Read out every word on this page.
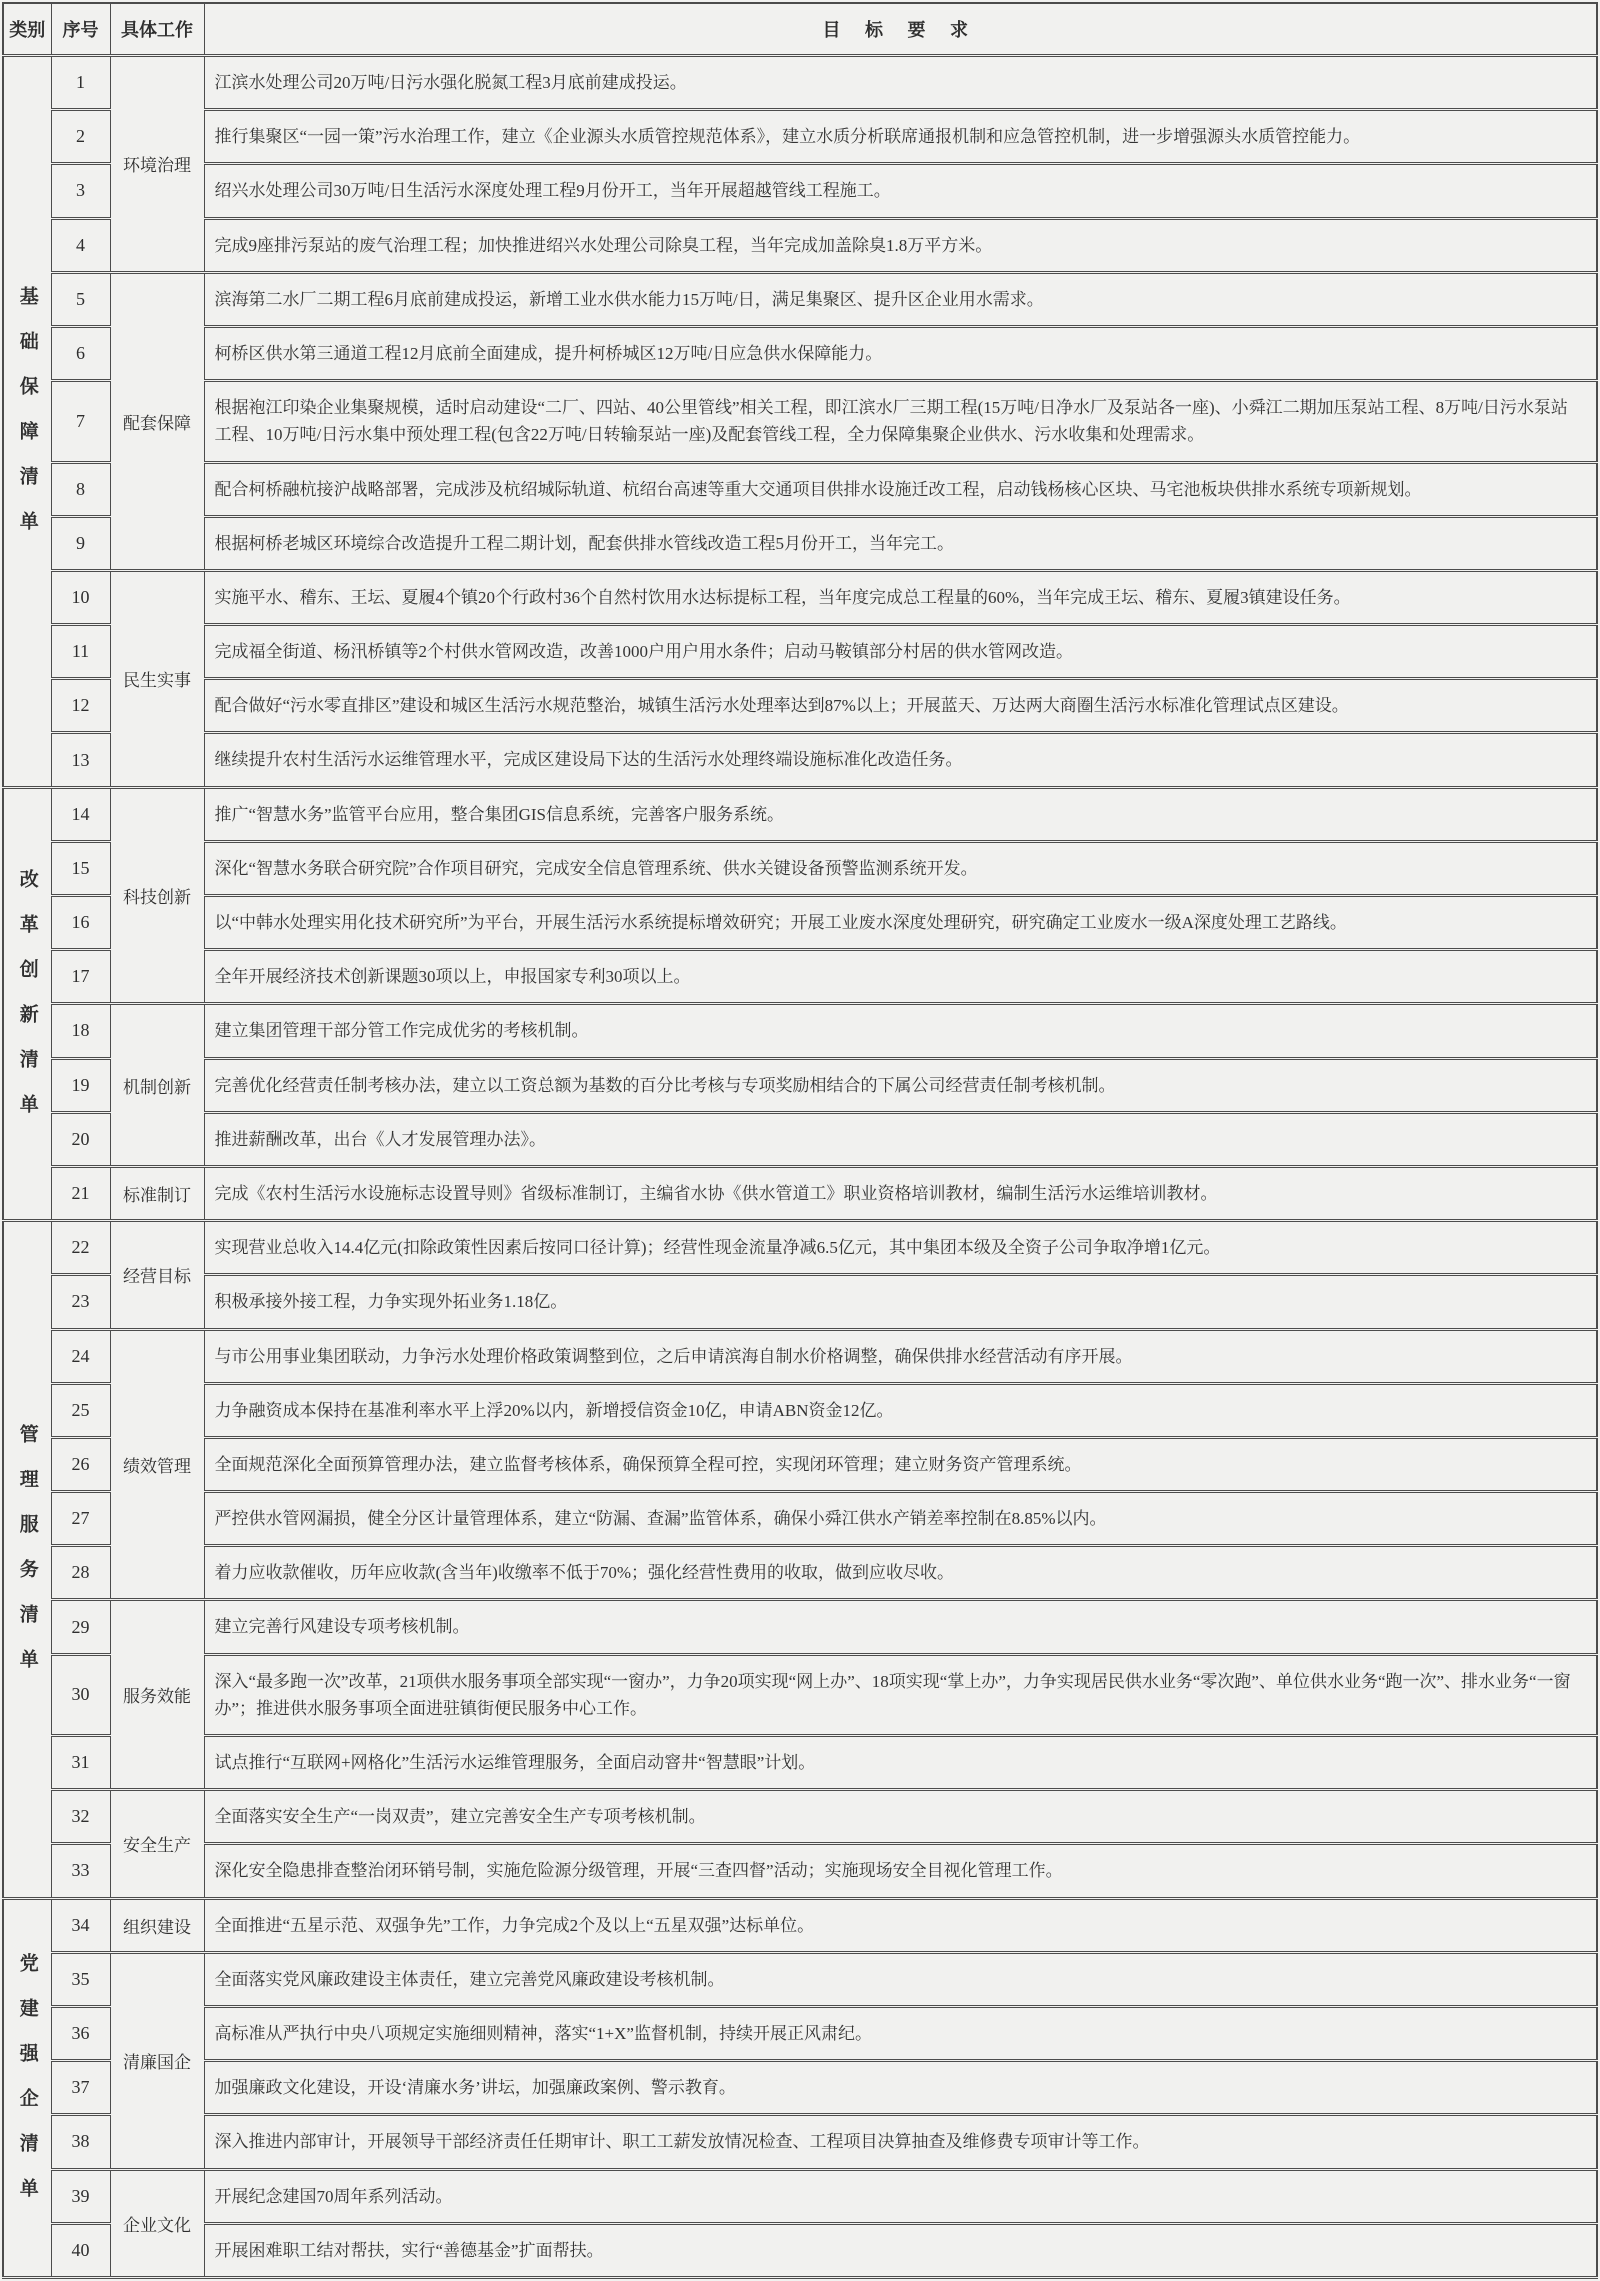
类别	序号	具体工作	目 标 要 求

基础保障清单	1	环境治理	江滨水处理公司20万吨/日污水强化脱氮工程3月底前建成投运。
	2		推行集聚区“一园一策”污水治理工作，建立《企业源头水质管控规范体系》，建立水质分析联席通报机制和应急管控机制，进一步增强源头水质管控能力。
	3		绍兴水处理公司30万吨/日生活污水深度处理工程9月份开工，当年开展超越管线工程施工。
	4		完成9座排污泵站的废气治理工程；加快推进绍兴水处理公司除臭工程，当年完成加盖除臭1.8万平方米。
	5	配套保障	滨海第二水厂二期工程6月底前建成投运，新增工业水供水能力15万吨/日，满足集聚区、提升区企业用水需求。
	6		柯桥区供水第三通道工程12月底前全面建成，提升柯桥城区12万吨/日应急供水保障能力。
	7		根据袍江印染企业集聚规模，适时启动建设“二厂、四站、40公里管线”相关工程，即江滨水厂三期工程(15万吨/日净水厂及泵站各一座)、小舜江二期加压泵站工程、8万吨/日污水泵站工程、10万吨/日污水集中预处理工程(包含22万吨/日转输泵站一座)及配套管线工程，全力保障集聚企业供水、污水收集和处理需求。
	8		配合柯桥融杭接沪战略部署，完成涉及杭绍城际轨道、杭绍台高速等重大交通项目供排水设施迁改工程，启动钱杨核心区块、马宅池板块供排水系统专项新规划。
	9		根据柯桥老城区环境综合改造提升工程二期计划，配套供排水管线改造工程5月份开工，当年完工。
	10	民生实事	实施平水、稽东、王坛、夏履4个镇20个行政村36个自然村饮用水达标提标工程，当年度完成总工程量的60%，当年完成王坛、稽东、夏履3镇建设任务。
	11		完成福全街道、杨汛桥镇等2个村供水管网改造，改善1000户用户用水条件；启动马鞍镇部分村居的供水管网改造。
	12		配合做好“污水零直排区”建设和城区生活污水规范整治，城镇生活污水处理率达到87%以上；开展蓝天、万达两大商圈生活污水标准化管理试点区建设。
	13		继续提升农村生活污水运维管理水平，完成区建设局下达的生活污水处理终端设施标准化改造任务。

改革创新清单	14	科技创新	推广“智慧水务”监管平台应用，整合集团GIS信息系统，完善客户服务系统。
	15		深化“智慧水务联合研究院”合作项目研究，完成安全信息管理系统、供水关键设备预警监测系统开发。
	16		以“中韩水处理实用化技术研究所”为平台，开展生活污水系统提标增效研究；开展工业废水深度处理研究，研究确定工业废水一级A深度处理工艺路线。
	17		全年开展经济技术创新课题30项以上，申报国家专利30项以上。
	18	机制创新	建立集团管理干部分管工作完成优劣的考核机制。
	19		完善优化经营责任制考核办法，建立以工资总额为基数的百分比考核与专项奖励相结合的下属公司经营责任制考核机制。
	20		推进薪酬改革，出台《人才发展管理办法》。
	21	标准制订	完成《农村生活污水设施标志设置导则》省级标准制订，主编省水协《供水管道工》职业资格培训教材，编制生活污水运维培训教材。

管理服务清单	22	经营目标	实现营业总收入14.4亿元(扣除政策性因素后按同口径计算)；经营性现金流量净减6.5亿元，其中集团本级及全资子公司争取净增1亿元。
	23		积极承接外接工程，力争实现外拓业务1.18亿。
	24	绩效管理	与市公用事业集团联动，力争污水处理价格政策调整到位，之后申请滨海自制水价格调整，确保供排水经营活动有序开展。
	25		力争融资成本保持在基准利率水平上浮20%以内，新增授信资金10亿，申请ABN资金12亿。
	26		全面规范深化全面预算管理办法，建立监督考核体系，确保预算全程可控，实现闭环管理；建立财务资产管理系统。
	27		严控供水管网漏损，健全分区计量管理体系，建立“防漏、查漏”监管体系，确保小舜江供水产销差率控制在8.85%以内。
	28		着力应收款催收，历年应收款(含当年)收缴率不低于70%；强化经营性费用的收取，做到应收尽收。
	29	服务效能	建立完善行风建设专项考核机制。
	30		深入“最多跑一次”改革，21项供水服务事项全部实现“一窗办”，力争20项实现“网上办”、18项实现“掌上办”，力争实现居民供水业务“零次跑”、单位供水业务“跑一次”、排水业务“一窗办”；推进供水服务事项全面进驻镇街便民服务中心工作。
	31		试点推行“互联网+网格化”生活污水运维管理服务，全面启动窨井“智慧眼”计划。
	32	安全生产	全面落实安全生产“一岗双责”，建立完善安全生产专项考核机制。
	33		深化安全隐患排查整治闭环销号制，实施危险源分级管理，开展“三查四督”活动；实施现场安全目视化管理工作。

党建强企清单	34	组织建设	全面推进“五星示范、双强争先”工作，力争完成2个及以上“五星双强”达标单位。
	35	清廉国企	全面落实党风廉政建设主体责任，建立完善党风廉政建设考核机制。
	36		高标准从严执行中央八项规定实施细则精神，落实“1+X”监督机制，持续开展正风肃纪。
	37		加强廉政文化建设，开设‘清廉水务’讲坛，加强廉政案例、警示教育。
	38		深入推进内部审计，开展领导干部经济责任任期审计、职工工薪发放情况检查、工程项目决算抽查及维修费专项审计等工作。
	39	企业文化	开展纪念建国70周年系列活动。
	40		开展困难职工结对帮扶，实行“善德基金”扩面帮扶。
